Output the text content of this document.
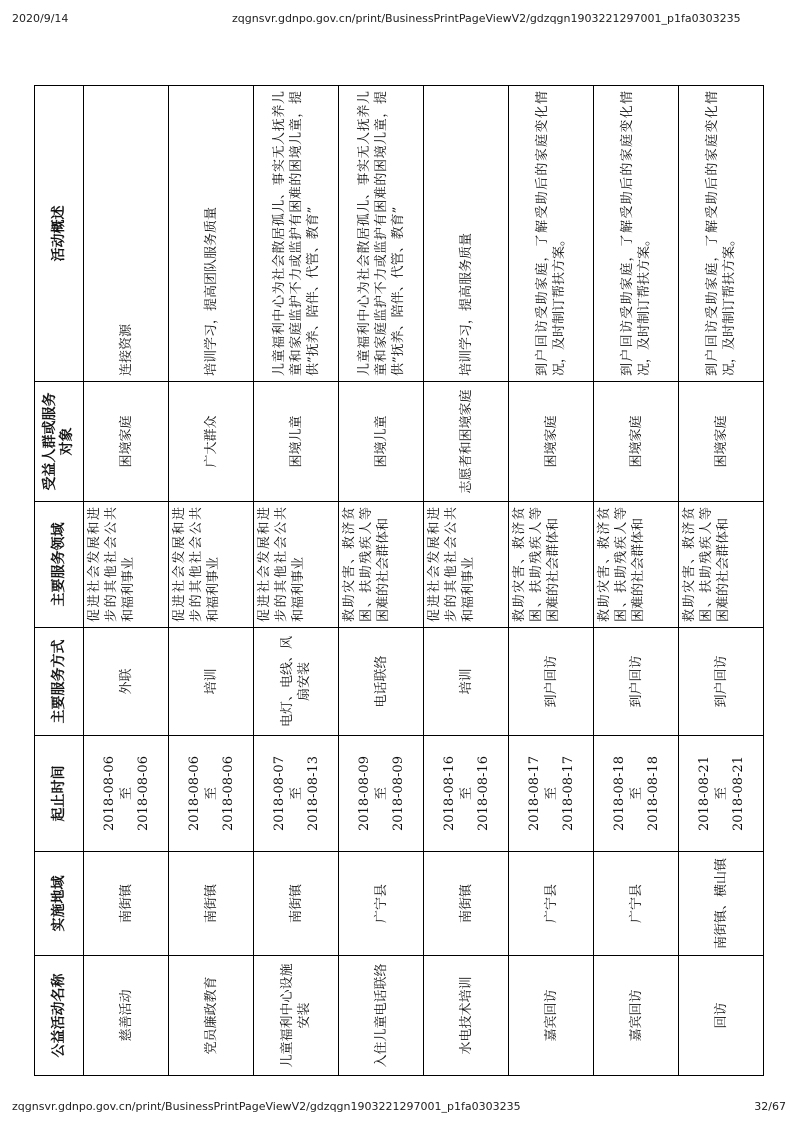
2020/9/14	zqgnsvr.gdnpo.gov.cn/print/BusinessPrintPageViewV2/gdzqgn1903221297001_p1fa0303235
公益活动名称	实施地域	起止时间	主要服务方式	主要服务领域	受益人群或服务对象	活动概述
慈善活动	南街镇	2018-08-06 至 2018-08-06	外联	促进社会发展和进步的其他社会公共和福利事业	困境家庭	连接资源
党员廉政教育	南街镇	2018-08-06 至 2018-08-06	培训	促进社会发展和进步的其他社会公共和福利事业	广大群众	培训学习，提高团队服务质量
儿童福利中心设施安装	南街镇	2018-08-07 至 2018-08-13	电灯、电线、风扇安装	促进社会发展和进步的其他社会公共和福利事业	困境儿童	儿童福利中心为社会散居孤儿、事实无人抚养儿童和家庭监护不力或监护有困难的困境儿童，提供”抚养、陪伴、代管、教育”
入住儿童电话联络	广宁县	2018-08-09 至 2018-08-09	电话联络	救助灾害、救济贫困、扶助残疾人等困难的社会群体和	困境儿童	儿童福利中心为社会散居孤儿、事实无人抚养儿童和家庭监护不力或监护有困难的困境儿童，提供”抚养、陪伴、代管、教育”
水电技术培训	南街镇	2018-08-16 至 2018-08-16	培训	促进社会发展和进步的其他社会公共和福利事业	志愿者和困境家庭	培训学习，提高服务质量
嘉宾回访	广宁县	2018-08-17 至 2018-08-17	到户回访	救助灾害、救济贫困、扶助残疾人等困难的社会群体和	困境家庭	到户回访受助家庭，了解受助后的家庭变化情况，及时制订帮扶方案。
嘉宾回访	广宁县	2018-08-18 至 2018-08-18	到户回访	救助灾害、救济贫困、扶助残疾人等困难的社会群体和	困境家庭	到户回访受助家庭，了解受助后的家庭变化情况，及时制订帮扶方案。
回访	南街镇、横山镇	2018-08-21 至 2018-08-21	到户回访	救助灾害、救济贫困、扶助残疾人等困难的社会群体和	困境家庭	到户回访受助家庭，了解受助后的家庭变化情况，及时制订帮扶方案。
zqgnsvr.gdnpo.gov.cn/print/BusinessPrintPageViewV2/gdzqgn1903221297001_p1fa0303235	32/67
